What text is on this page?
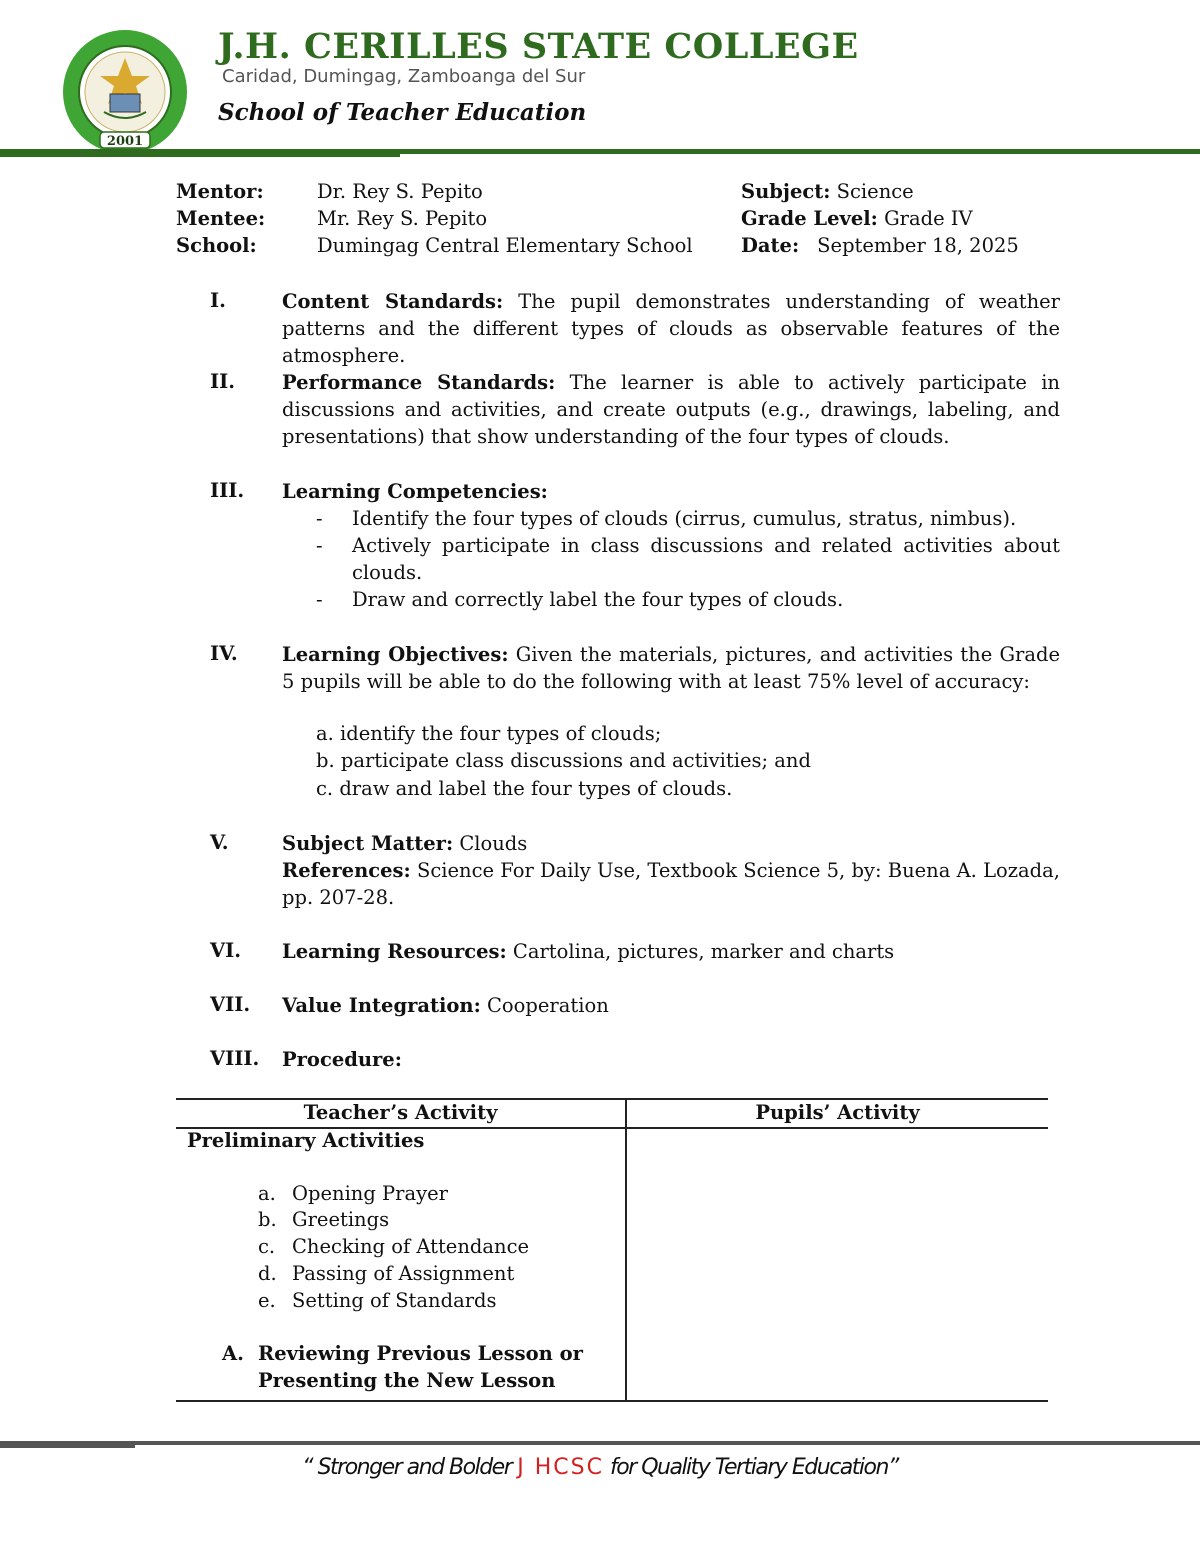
2001
J.H. CERILLES STATE COLLEGE
Caridad, Dumingag, Zamboanga del Sur
School of Teacher Education
Mentor:	Dr. Rey S. Pepito
Mentee:	Mr. Rey S. Pepito
School:	Dumingag Central Elementary School
Subject: Science
Grade Level: Grade IV
Date: September 18, 2025
I.	Content Standards: The pupil demonstrates understanding of weather patterns and the different types of clouds as observable features of the atmosphere.
II. Performance Standards: The learner is able to actively participate in discussions and activities, and create outputs (e.g., drawings, labeling, and presentations) that show understanding of the four types of clouds.
III. Learning Competencies:
- Identify the four types of clouds (cirrus, cumulus, stratus, nimbus).
- Actively participate in class discussions and related activities about clouds.
- Draw and correctly label the four types of clouds.
IV. Learning Objectives: Given the materials, pictures, and activities the Grade 5 pupils will be able to do the following with at least 75% level of accuracy:
a. identify the four types of clouds;
b. participate class discussions and activities; and
c. draw and label the four types of clouds.
V.	Subject Matter: Clouds
References: Science For Daily Use, Textbook Science 5, by: Buena A. Lozada, pp. 207-28.
VI. Learning Resources: Cartolina, pictures, marker and charts
VII. Value Integration: Cooperation
VIII. Procedure:
Teacher’s Activity	Pupils’ Activity
Preliminary Activities
a. Opening Prayer
b. Greetings
c. Checking of Attendance
d. Passing of Assignment
e. Setting of Standards
A. Reviewing Previous Lesson or
Presenting the New Lesson
“ Stronger and Bolder J HCSC for Quality Tertiary Education”
